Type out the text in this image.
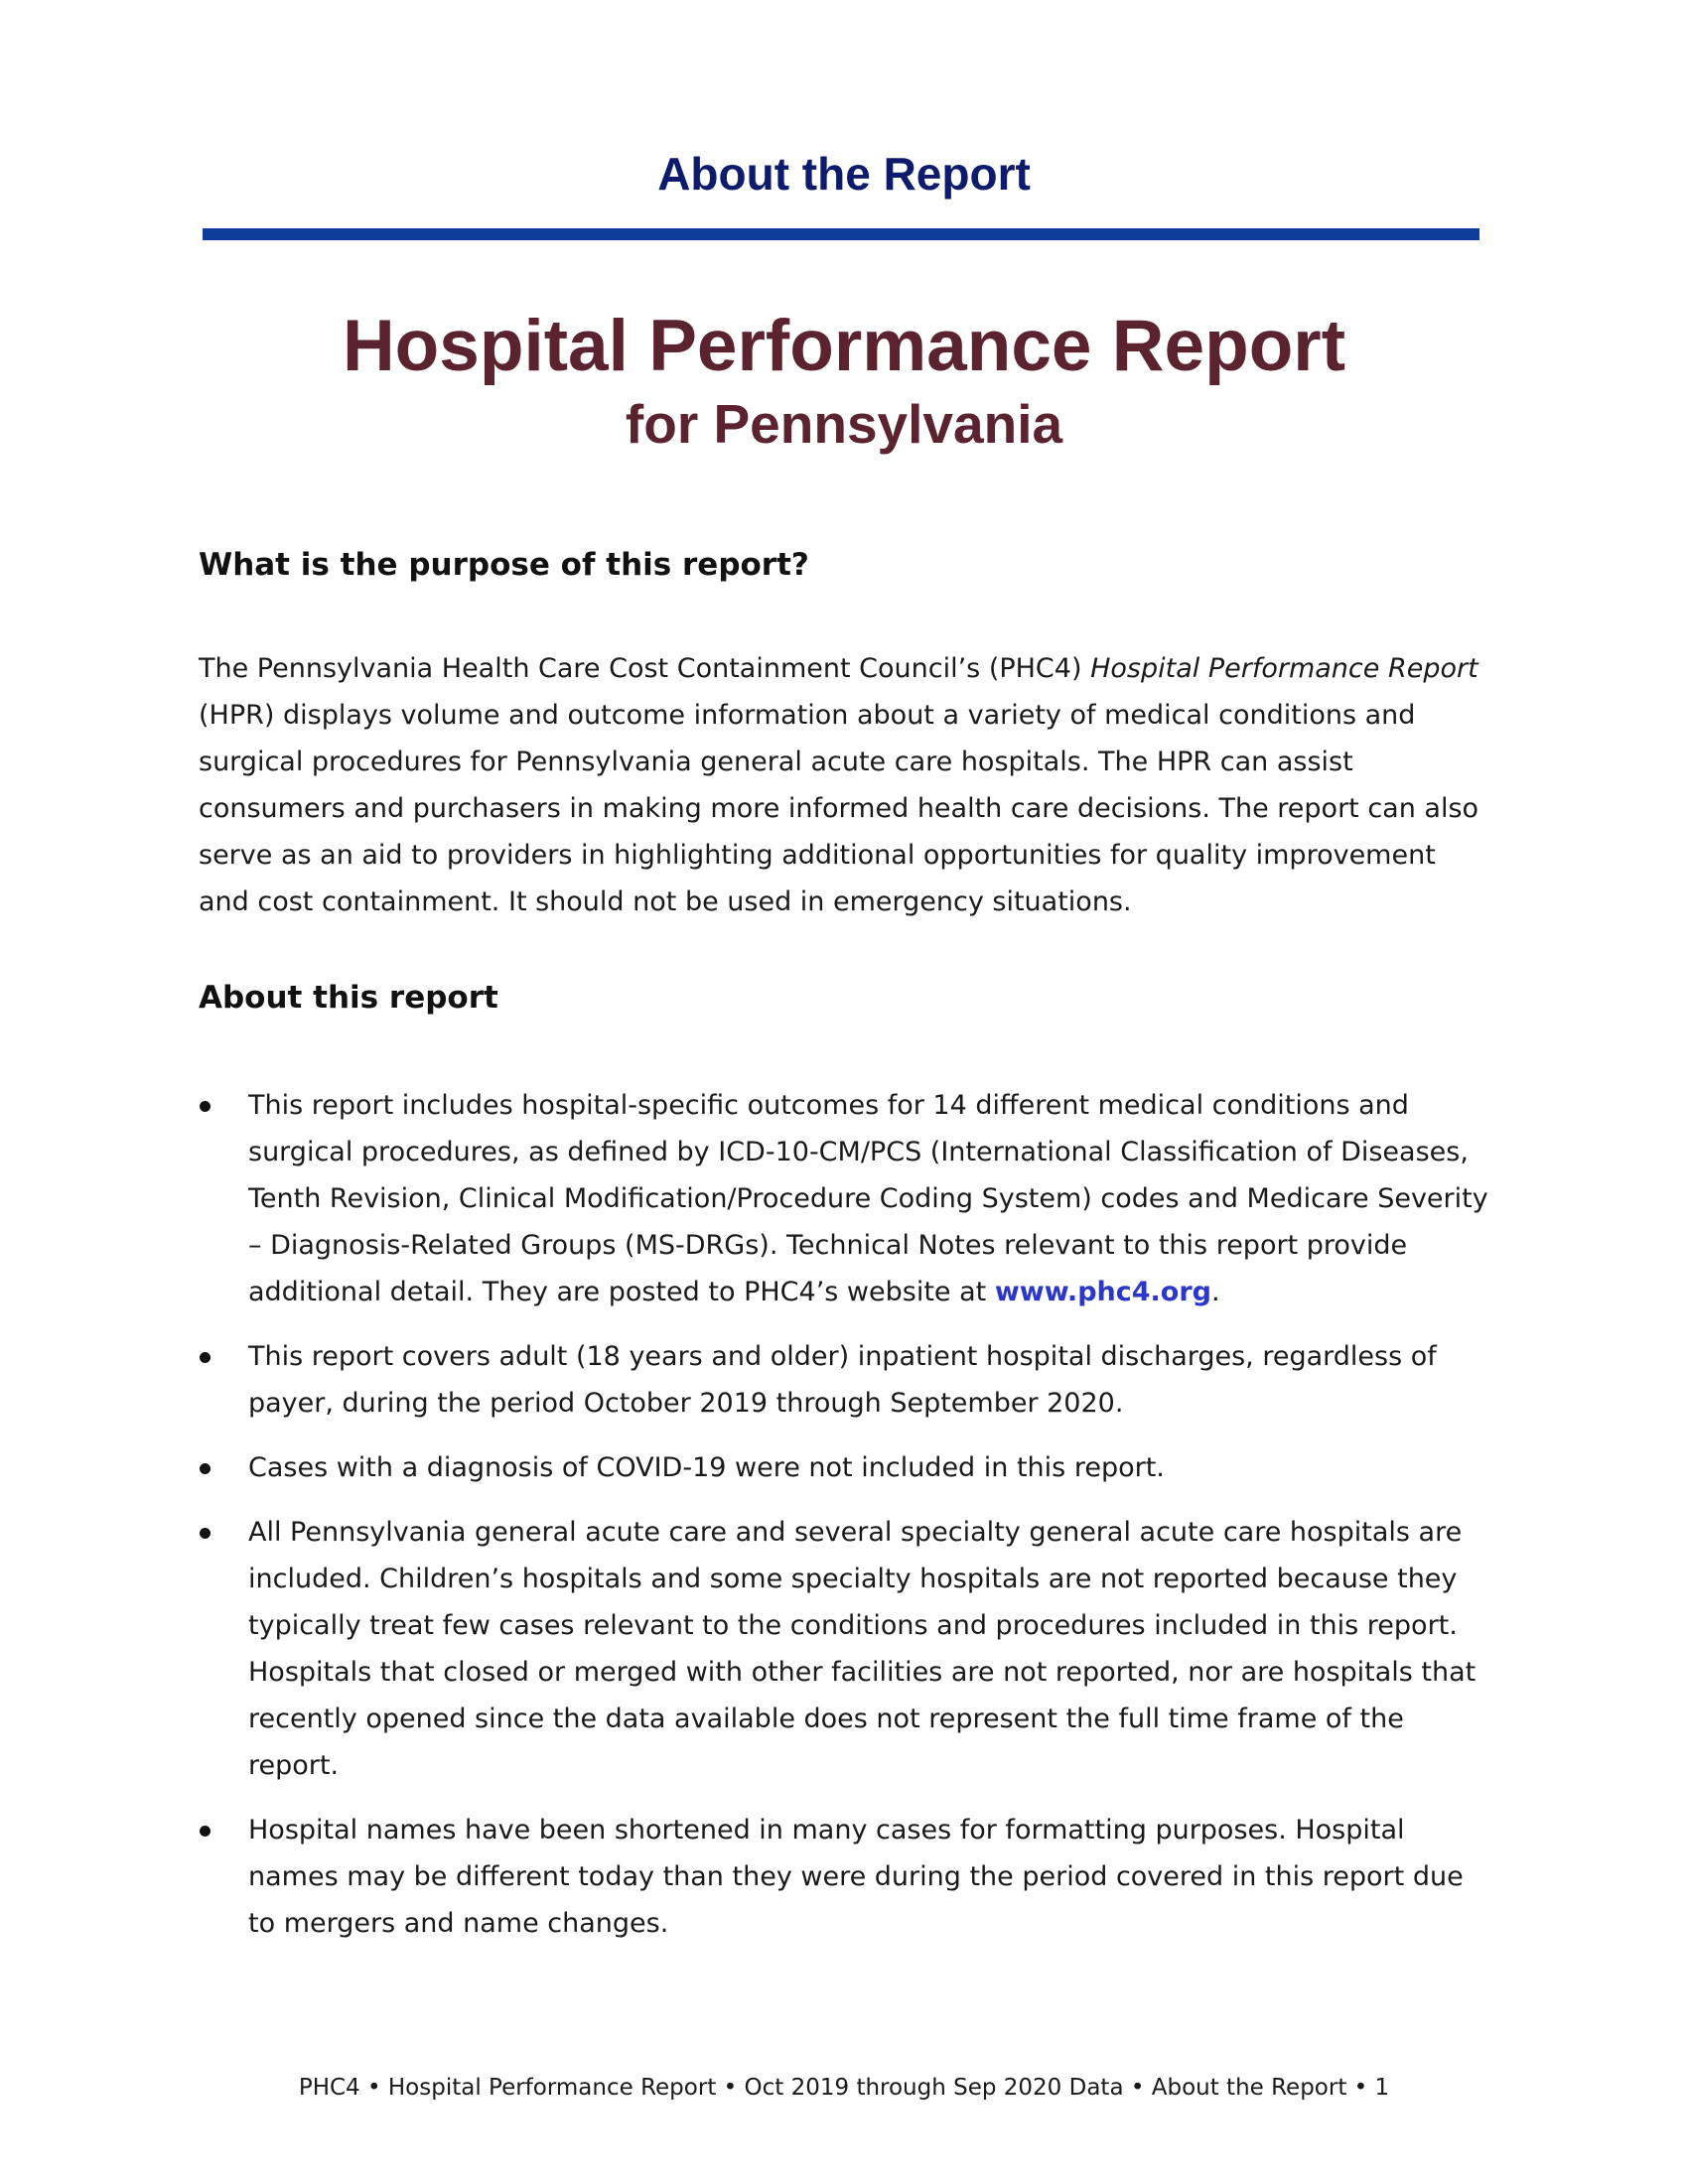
About the Report
Hospital Performance Report
for Pennsylvania
What is the purpose of this report?

The Pennsylvania Health Care Cost Containment Council’s (PHC4) Hospital Performance Report (HPR) displays volume and outcome information about a variety of medical conditions and surgical procedures for Pennsylvania general acute care hospitals. The HPR can assist consumers and purchasers in making more informed health care decisions. The report can also serve as an aid to providers in highlighting additional opportunities for quality improvement and cost containment. It should not be used in emergency situations.

About this report
This report includes hospital-specific outcomes for 14 different medical conditions and surgical procedures, as defined by ICD-10-CM/PCS (International Classification of Diseases, Tenth Revision, Clinical Modification/Procedure Coding System) codes and Medicare Severity – Diagnosis-Related Groups (MS-DRGs). Technical Notes relevant to this report provide additional detail. They are posted to PHC4’s website at www.phc4.org.
This report covers adult (18 years and older) inpatient hospital discharges, regardless of payer, during the period October 2019 through September 2020.
Cases with a diagnosis of COVID-19 were not included in this report.
All Pennsylvania general acute care and several specialty general acute care hospitals are included. Children’s hospitals and some specialty hospitals are not reported because they typically treat few cases relevant to the conditions and procedures included in this report. Hospitals that closed or merged with other facilities are not reported, nor are hospitals that recently opened since the data available does not represent the full time frame of the report.
Hospital names have been shortened in many cases for formatting purposes. Hospital names may be different today than they were during the period covered in this report due to mergers and name changes.
PHC4 • Hospital Performance Report • Oct 2019 through Sep 2020 Data • About the Report • 1
